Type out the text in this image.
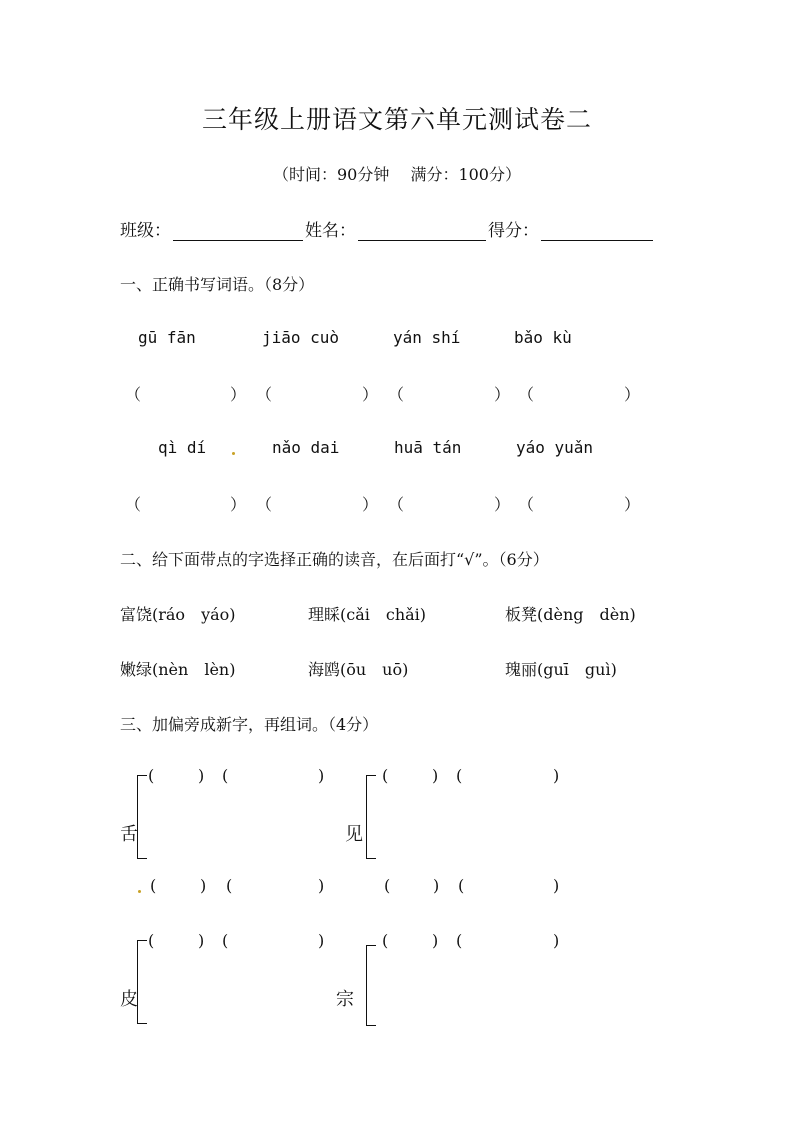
三年级上册语文第六单元测试卷二
（时间：90分钟　 满分：100分）
班级：	姓名：	得分：
一、正确书写词语。（8分）
gū fān	jiāo cuò	yán shí	bǎo kù
（	） （	） （	） （	）
qì dí	nǎo dai	huā tán	yáo yuǎn
（	） （	） （	） （	）
二、给下面带点的字选择正确的读音，在后面打“√”。（6分）
富饶(ráo　yáo)	理睬(cǎi　chǎi)	板凳(dèng　dèn)
嫩绿(nèn　lèn)	海鸥(ōu　uō)	瑰丽(guī　guì)
三、加偏旁成新字，再组词。（4分）
(	) (	)
舌
(	) (	)
(	) (	)
见
(	) (	)
(	) (	)
皮
(	) (	)
宗
